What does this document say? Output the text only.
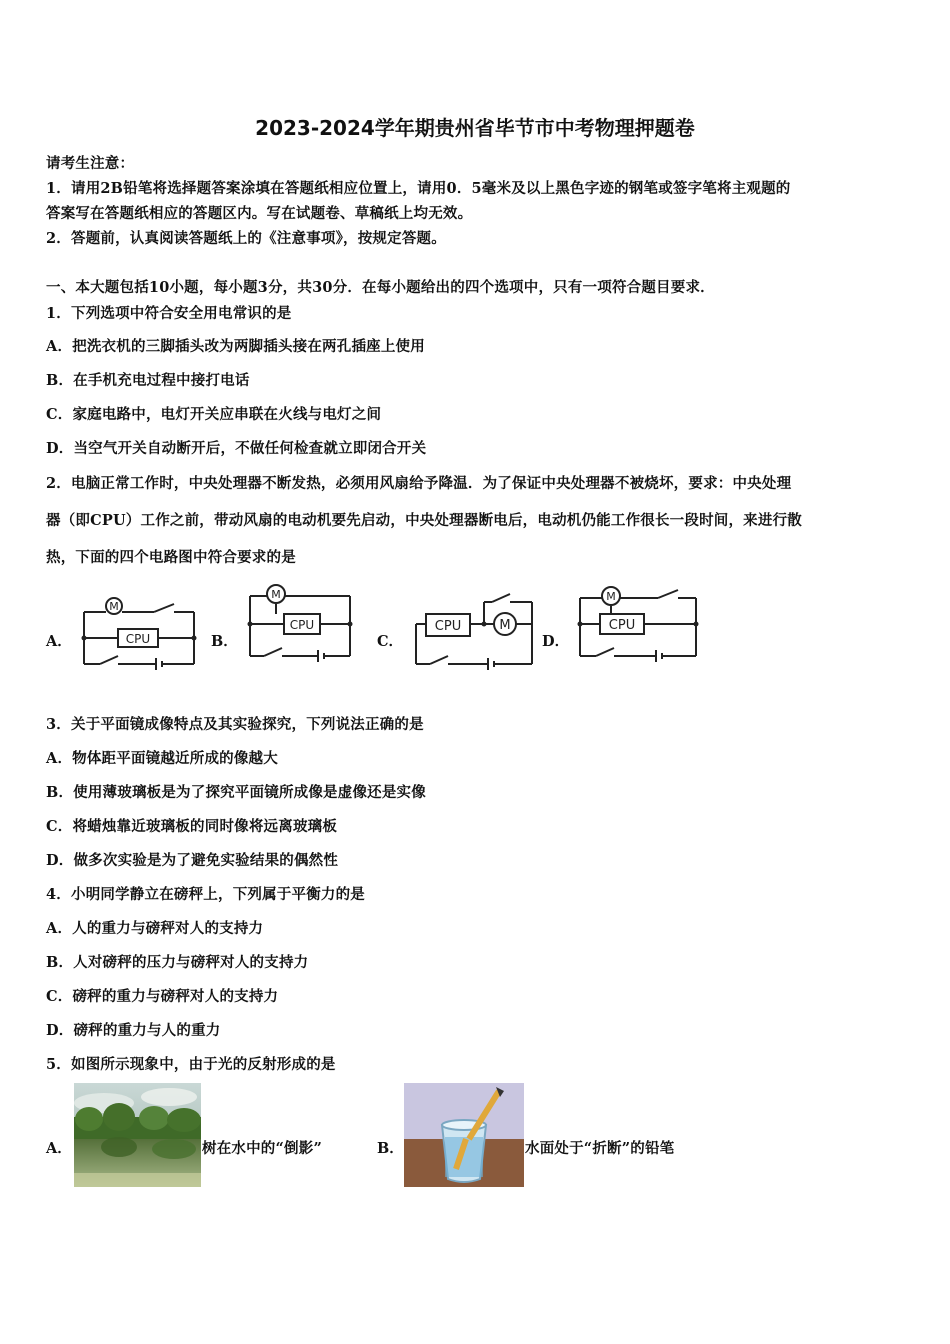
2023-2024学年期贵州省毕节市中考物理押题卷
请考生注意：
1．请用2B铅笔将选择题答案涂填在答题纸相应位置上，请用0．5毫米及以上黑色字迹的钢笔或签字笔将主观题的
答案写在答题纸相应的答题区内。写在试题卷、草稿纸上均无效。
2．答题前，认真阅读答题纸上的《注意事项》，按规定答题。
一、本大题包括10小题，每小题3分，共30分．在每小题给出的四个选项中，只有一项符合题目要求．
1．下列选项中符合安全用电常识的是
A．把洗衣机的三脚插头改为两脚插头接在两孔插座上使用
B．在手机充电过程中接打电话
C．家庭电路中，电灯开关应串联在火线与电灯之间
D．当空气开关自动断开后，不做任何检查就立即闭合开关
2．电脑正常工作时，中央处理器不断发热，必须用风扇给予降温．为了保证中央处理器不被烧坏，要求：中央处理
器（即CPU）工作之前，带动风扇的电动机要先启动，中央处理器断电后，电动机仍能工作很长一段时间，来进行散
热，下面的四个电路图中符合要求的是
A．	B．	C．	D．
M
CPU
M
CPU	CPU	M
M
CPU
3．关于平面镜成像特点及其实验探究，下列说法正确的是
A．物体距平面镜越近所成的像越大
B．使用薄玻璃板是为了探究平面镜所成像是虚像还是实像
C．将蜡烛靠近玻璃板的同时像将远离玻璃板
D．做多次实验是为了避免实验结果的偶然性
4．小明同学静立在磅秤上，下列属于平衡力的是
A．人的重力与磅秤对人的支持力
B．人对磅秤的压力与磅秤对人的支持力
C．磅秤的重力与磅秤对人的支持力
D．磅秤的重力与人的重力
5．如图所示现象中，由于光的反射形成的是
A．	树在水中的“倒影”	B．	水面处于“折断”的铅笔
